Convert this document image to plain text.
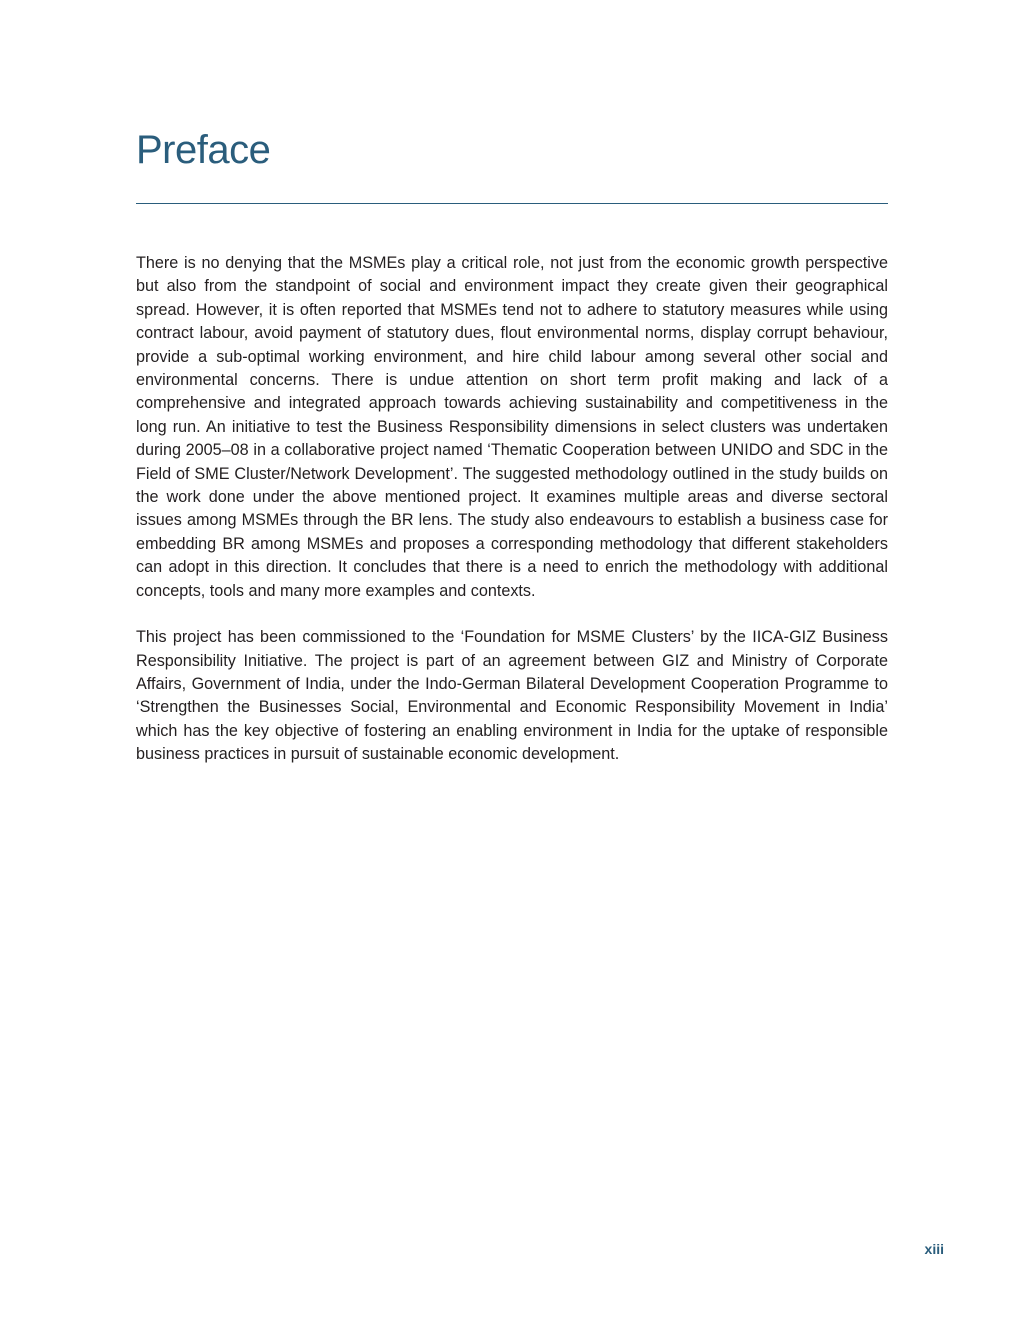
Preface

There is no denying that the MSMEs play a critical role, not just from the economic growth perspective but also from the standpoint of social and environment impact they create given their geographical spread. However, it is often reported that MSMEs tend not to adhere to statutory measures while using contract labour, avoid payment of statutory dues, flout environmental norms, display corrupt behaviour, provide a sub-optimal working environment, and hire child labour among several other social and environmental concerns. There is undue attention on short term profit making and lack of a comprehensive and integrated approach towards achieving sustainability and competitiveness in the long run. An initiative to test the Business Responsibility dimensions in select clusters was undertaken during 2005–08 in a collaborative project named ‘Thematic Cooperation between UNIDO and SDC in the Field of SME Cluster/Network Development’. The suggested methodology outlined in the study builds on the work done under the above mentioned project. It examines multiple areas and diverse sectoral issues among MSMEs through the BR lens. The study also endeavours to establish a business case for embedding BR among MSMEs and proposes a corresponding methodology that different stakeholders can adopt in this direction. It concludes that there is a need to enrich the methodology with additional concepts, tools and many more examples and contexts.

This project has been commissioned to the ‘Foundation for MSME Clusters’ by the IICA-GIZ Business Responsibility Initiative. The project is part of an agreement between GIZ and Ministry of Corporate Affairs, Government of India, under the Indo-German Bilateral Development Cooperation Programme to ‘Strengthen the Businesses Social, Environmental and Economic Responsibility Movement in India’ which has the key objective of fostering an enabling environment in India for the uptake of responsible business practices in pursuit of sustainable economic development.

xiii
